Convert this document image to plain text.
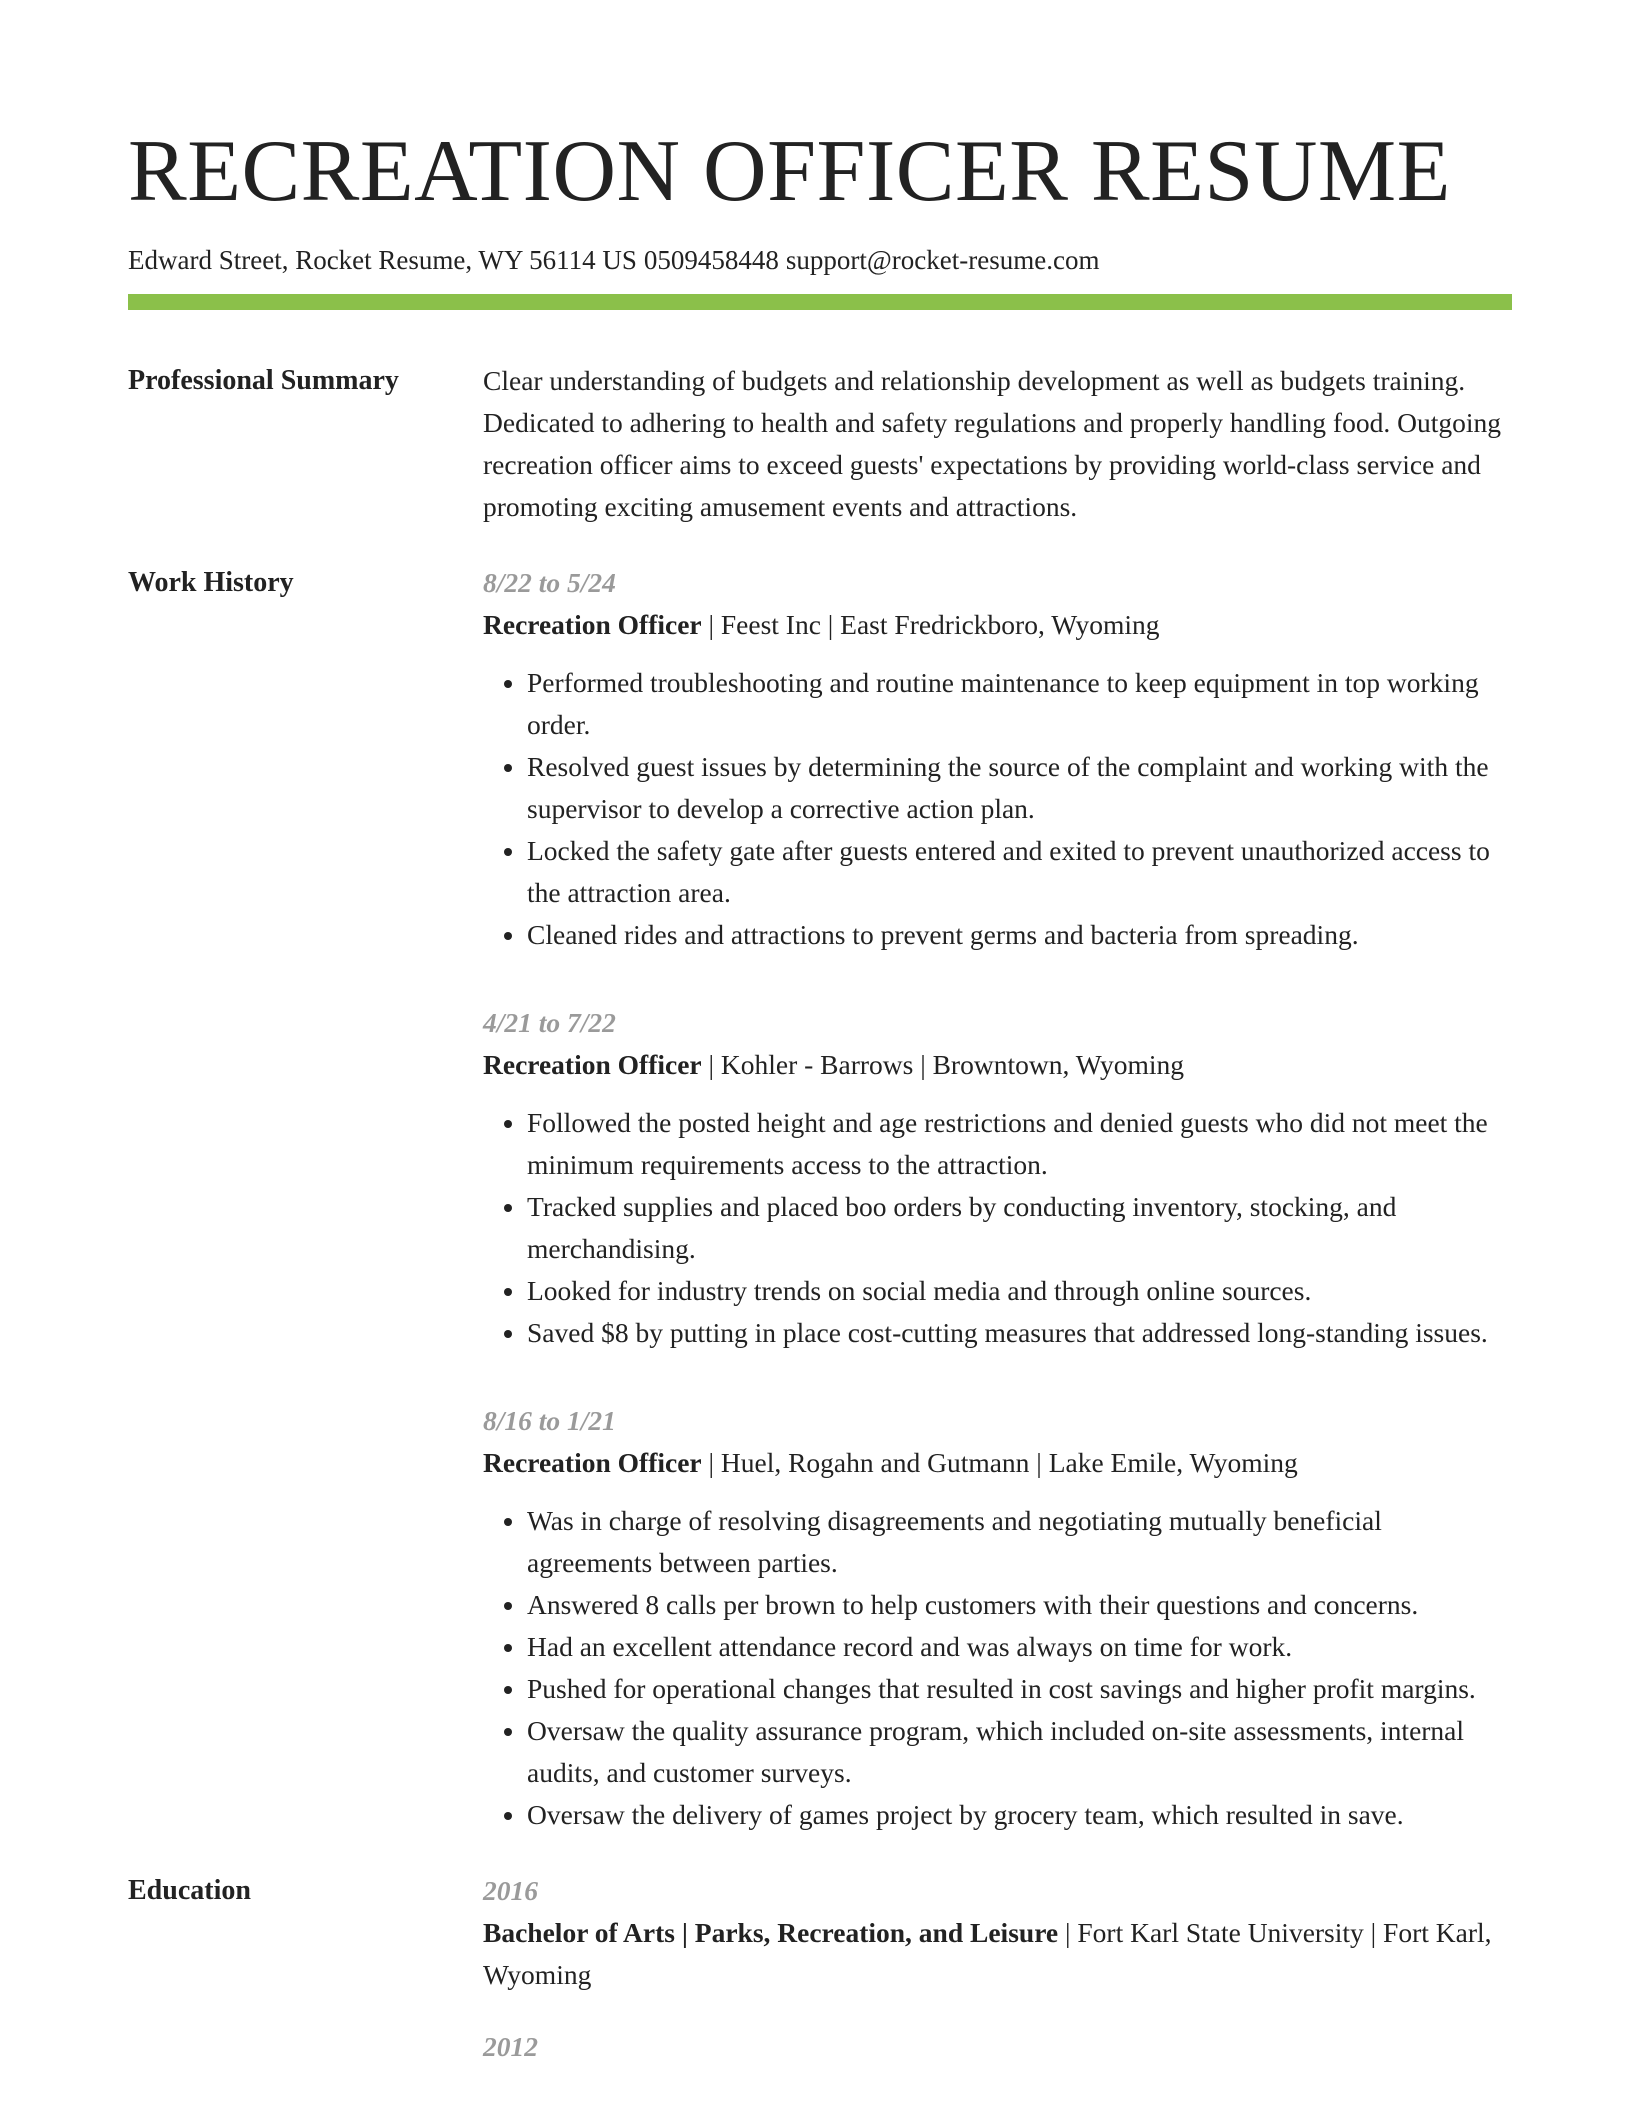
RECREATION OFFICER RESUME
Edward Street, Rocket Resume, WY 56114 US 0509458448 support@rocket-resume.com
Professional Summary	Clear understanding of budgets and relationship development as well as budgets training. Dedicated to adhering to health and safety regulations and properly handling food. Outgoing recreation officer aims to exceed guests' expectations by providing world-class service and promoting exciting amusement events and attractions.

Work History	8/22 to 5/24
Recreation Officer | Feest Inc | East Fredrickboro, Wyoming
• Performed troubleshooting and routine maintenance to keep equipment in top working order.
• Resolved guest issues by determining the source of the complaint and working with the supervisor to develop a corrective action plan.
• Locked the safety gate after guests entered and exited to prevent unauthorized access to the attraction area.
• Cleaned rides and attractions to prevent germs and bacteria from spreading.
4/21 to 7/22
Recreation Officer | Kohler - Barrows | Browntown, Wyoming
• Followed the posted height and age restrictions and denied guests who did not meet the minimum requirements access to the attraction.
• Tracked supplies and placed boo orders by conducting inventory, stocking, and merchandising.
• Looked for industry trends on social media and through online sources.
• Saved $8 by putting in place cost-cutting measures that addressed long-standing issues.
8/16 to 1/21
Recreation Officer | Huel, Rogahn and Gutmann | Lake Emile, Wyoming
• Was in charge of resolving disagreements and negotiating mutually beneficial agreements between parties.
• Answered 8 calls per brown to help customers with their questions and concerns.
• Had an excellent attendance record and was always on time for work.
• Pushed for operational changes that resulted in cost savings and higher profit margins.
• Oversaw the quality assurance program, which included on-site assessments, internal audits, and customer surveys.
• Oversaw the delivery of games project by grocery team, which resulted in save.
Education	2016
Bachelor of Arts | Parks, Recreation, and Leisure | Fort Karl State University | Fort Karl, Wyoming
2012
